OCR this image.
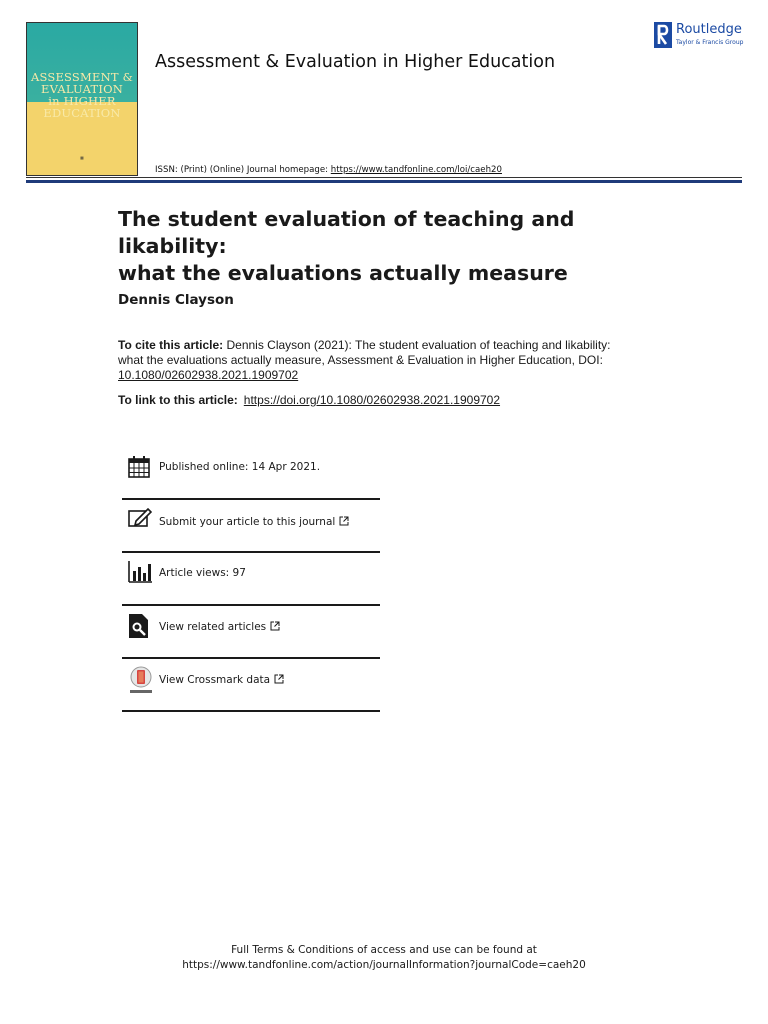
ASSESSMENT &
EVALUATION
in HIGHER
EDUCATION
▦
Assessment & Evaluation in Higher Education
ISSN: (Print) (Online) Journal homepage: https://www.tandfonline.com/loi/caeh20
Routledge
Taylor & Francis Group
The student evaluation of teaching and likability:
what the evaluations actually measure
Dennis Clayson
To cite this article: Dennis Clayson (2021): The student evaluation of teaching and likability: what the evaluations actually measure, Assessment & Evaluation in Higher Education, DOI: 10.1080/02602938.2021.1909702
To link to this article: https://doi.org/10.1080/02602938.2021.1909702
Published online: 14 Apr 2021.
Submit your article to this journal
Article views: 97
View related articles
View Crossmark data
Full Terms & Conditions of access and use can be found at
https://www.tandfonline.com/action/journalInformation?journalCode=caeh20
